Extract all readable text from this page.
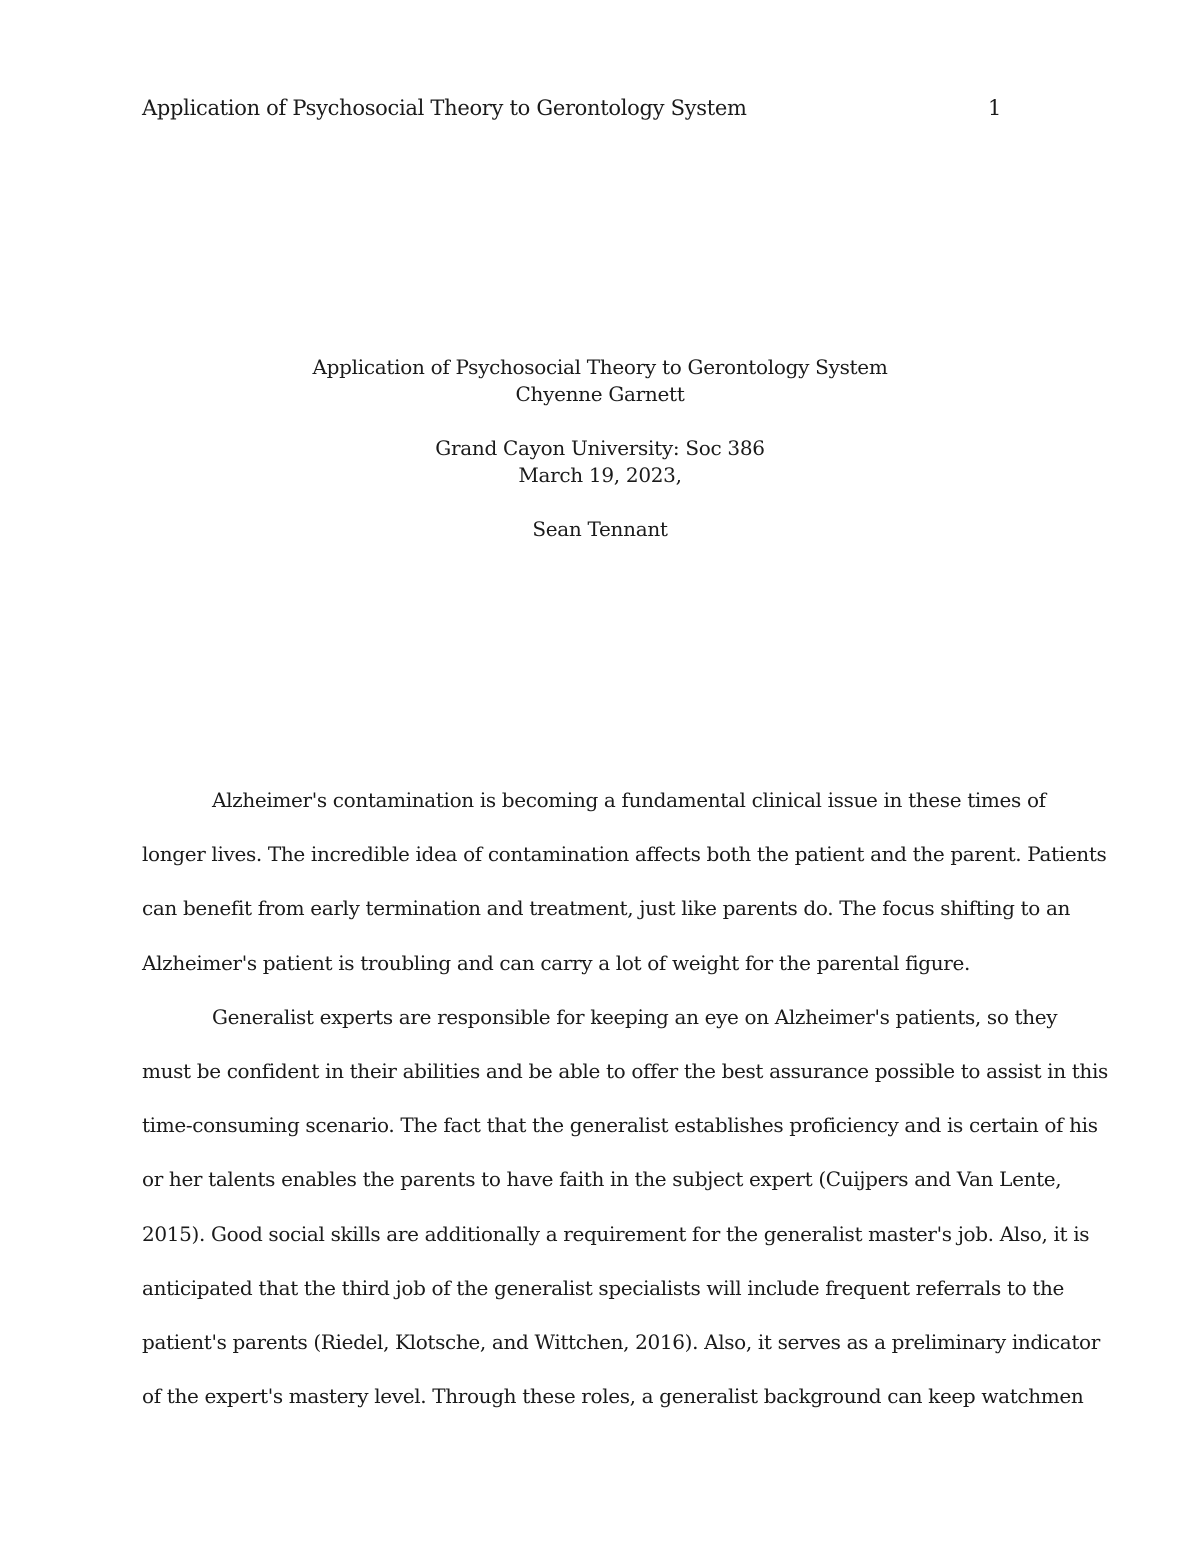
Application of Psychosocial Theory to Gerontology System	1
Application of Psychosocial Theory to Gerontology System
Chyenne Garnett
Grand Cayon University: Soc 386
March 19, 2023,
Sean Tennant
Alzheimer's contamination is becoming a fundamental clinical issue in these times of
longer lives. The incredible idea of contamination affects both the patient and the parent. Patients
can benefit from early termination and treatment, just like parents do. The focus shifting to an
Alzheimer's patient is troubling and can carry a lot of weight for the parental figure.
Generalist experts are responsible for keeping an eye on Alzheimer's patients, so they
must be confident in their abilities and be able to offer the best assurance possible to assist in this
time-consuming scenario. The fact that the generalist establishes proficiency and is certain of his
or her talents enables the parents to have faith in the subject expert (Cuijpers and Van Lente,
2015). Good social skills are additionally a requirement for the generalist master's job. Also, it is
anticipated that the third job of the generalist specialists will include frequent referrals to the
patient's parents (Riedel, Klotsche, and Wittchen, 2016). Also, it serves as a preliminary indicator
of the expert's mastery level. Through these roles, a generalist background can keep watchmen
